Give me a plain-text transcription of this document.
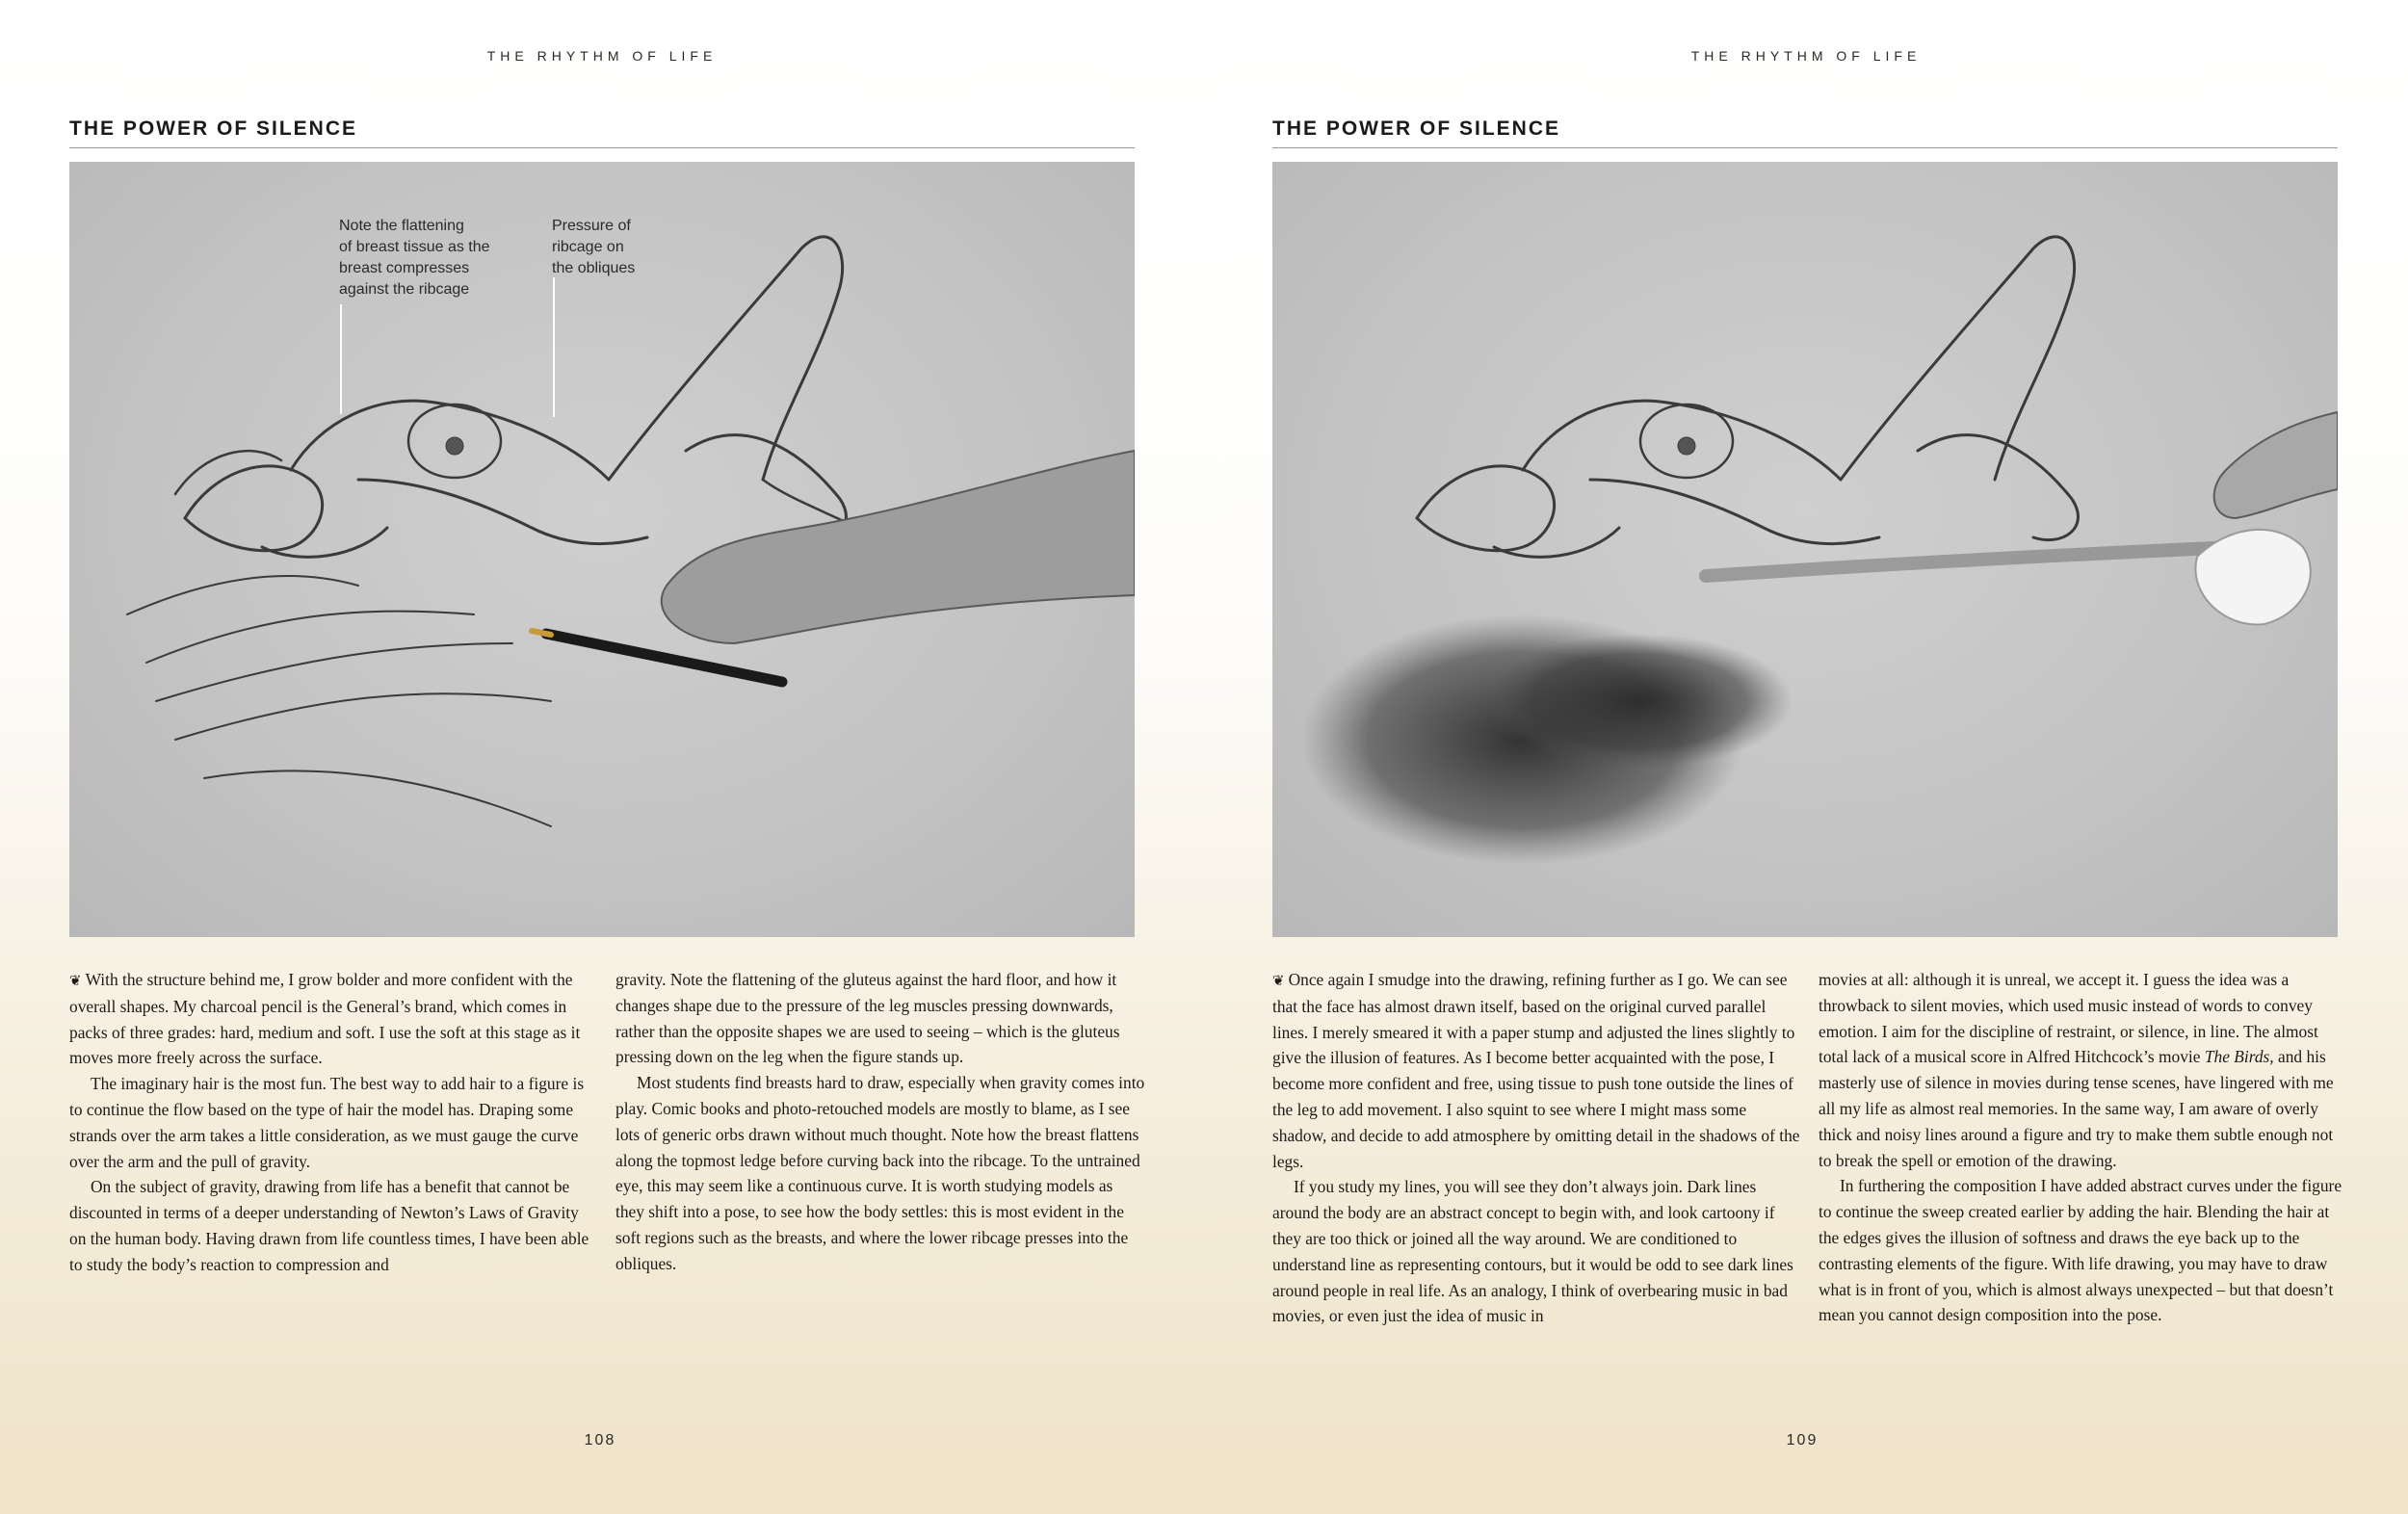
THE RHYTHM OF LIFE
THE POWER OF SILENCE
Note the flattening
of breast tissue as the
breast compresses
against the ribcage
Pressure of
ribcage on
the obliques

❦ With the structure behind me, I grow bolder and more confident with the overall shapes. My charcoal pencil is the General’s brand, which comes in packs of three grades: hard, medium and soft. I use the soft at this stage as it moves more freely across the surface.

The imaginary hair is the most fun. The best way to add hair to a figure is to continue the flow based on the type of hair the model has. Draping some strands over the arm takes a little consideration, as we must gauge the curve over the arm and the pull of gravity.

On the subject of gravity, drawing from life has a benefit that cannot be discounted in terms of a deeper understanding of Newton’s Laws of Gravity on the human body. Having drawn from life countless times, I have been able to study the body’s reaction to compression and

gravity. Note the flattening of the gluteus against the hard floor, and how it changes shape due to the pressure of the leg muscles pressing downwards, rather than the opposite shapes we are used to seeing – which is the gluteus pressing down on the leg when the figure stands up.

Most students find breasts hard to draw, especially when gravity comes into play. Comic books and photo-retouched models are mostly to blame, as I see lots of generic orbs drawn without much thought. Note how the breast flattens along the topmost ledge before curving back into the ribcage. To the untrained eye, this may seem like a continuous curve. It is worth studying models as they shift into a pose, to see how the body settles: this is most evident in the soft regions such as the breasts, and where the lower ribcage presses into the obliques.

108
THE RHYTHM OF LIFE
THE POWER OF SILENCE

❦ Once again I smudge into the drawing, refining further as I go. We can see that the face has almost drawn itself, based on the original curved parallel lines. I merely smeared it with a paper stump and adjusted the lines slightly to give the illusion of features. As I become better acquainted with the pose, I become more confident and free, using tissue to push tone outside the lines of the leg to add movement. I also squint to see where I might mass some shadow, and decide to add atmosphere by omitting detail in the shadows of the legs.

If you study my lines, you will see they don’t always join. Dark lines around the body are an abstract concept to begin with, and look cartoony if they are too thick or joined all the way around. We are conditioned to understand line as representing contours, but it would be odd to see dark lines around people in real life. As an analogy, I think of overbearing music in bad movies, or even just the idea of music in

movies at all: although it is unreal, we accept it. I guess the idea was a throwback to silent movies, which used music instead of words to convey emotion. I aim for the discipline of restraint, or silence, in line. The almost total lack of a musical score in Alfred Hitchcock’s movie The Birds, and his masterly use of silence in movies during tense scenes, have lingered with me all my life as almost real memories. In the same way, I am aware of overly thick and noisy lines around a figure and try to make them subtle enough not to break the spell or emotion of the drawing.

In furthering the composition I have added abstract curves under the figure to continue the sweep created earlier by adding the hair. Blending the hair at the edges gives the illusion of softness and draws the eye back up to the contrasting elements of the figure. With life drawing, you may have to draw what is in front of you, which is almost always unexpected – but that doesn’t mean you cannot design composition into the pose.

109
